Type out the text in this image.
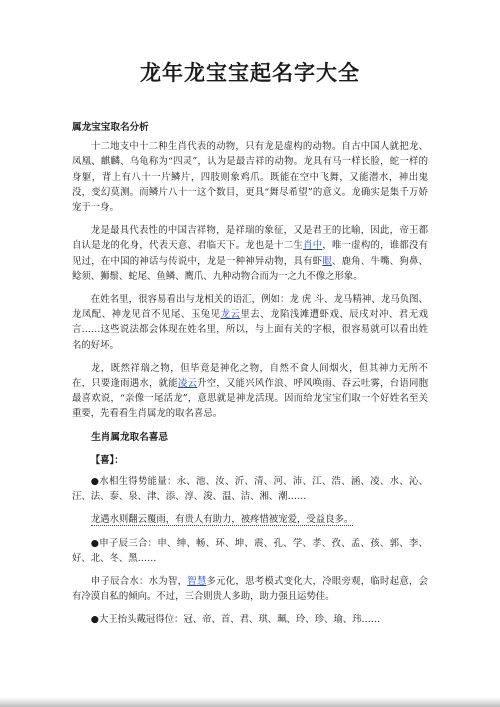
龙年龙宝宝起名字大全

属龙宝宝取名分析

十二地支中十二种生肖代表的动物，只有龙是虚构的动物。自古中国人就把龙、凤凰、麒麟、乌龟称为“四灵”，认为是最吉祥的动物。龙具有马一样长脸，蛇一样的身躯，背上有八十一片鳞片，四肢则象鸡爪。既能在空中飞舞，又能潜水，神出鬼没，变幻莫测。而鳞片八十一这个数目，更具“舞尽希望”的意义。龙确实是集千万娇宠于一身。

龙是最具代表性的中国吉祥物，是祥瑞的象征，又是君王的比喻，因此，帝王都自认是龙的化身，代表天意、君临天下。龙也是十二生肖中，唯一虚构的，谁都没有见过，在中国的神话与传说中，龙是一种神异动物，具有虾眼、鹿角、牛嘴、狗鼻、鲶须、狮鬃、蛇尾、鱼鳞、鹰爪、九种动物合而为一之九不像之形象。

在姓名里，很容易看出与龙相关的语汇，例如：龙 虎 斗、龙马精神、龙马负图、龙凤配、神龙见首不见尾、玉兔见龙云里去、龙陷浅滩遭虾戏、辰戌对冲、君无戏言……这些说法都会体现在姓名里，所以，与上面有关的字根，很容易就可以看出姓名的好坏。

龙，既然祥瑞之物，但毕竟是神化之物，自然不食人间烟火，但其神力无所不在，只要逢雨遇水，就能凌云升空，又能兴风作浪、呼风唤雨、吞云吐雾，台语同胞最喜欢说，“亲像一尾活龙”，意思就是神龙活现。因而给龙宝宝们取一个好姓名至关重要，先看看生肖属龙的取名喜忌。

生肖属龙取名喜忌

【喜】：

●水相生得势能量：永、池、汝、沂、清、河、沛、江、浩、涵、凌、水、沁、汪、法、泰、泉、津、添、淳、浚、温、洁、湘、潮……

龙遇水则翻云覆雨，有贵人有助力，被疼惜被宠爱，受益良多。

●申子辰三合：申、绅、畅、环、坤、震、孔、学、孝、孜、孟、孩、郭、李、好、北、冬、黑……

申子辰合水：水为智，智慧多元化，思考模式变化大，冷眼旁观，临时起意，会有冷漠自私的倾向。不过，三合则贵人多助，助力强且运势佳。

●大王抬头戴冠得位：冠、帝、首、君、琪、珮、玲、珍、瑜、玮……
